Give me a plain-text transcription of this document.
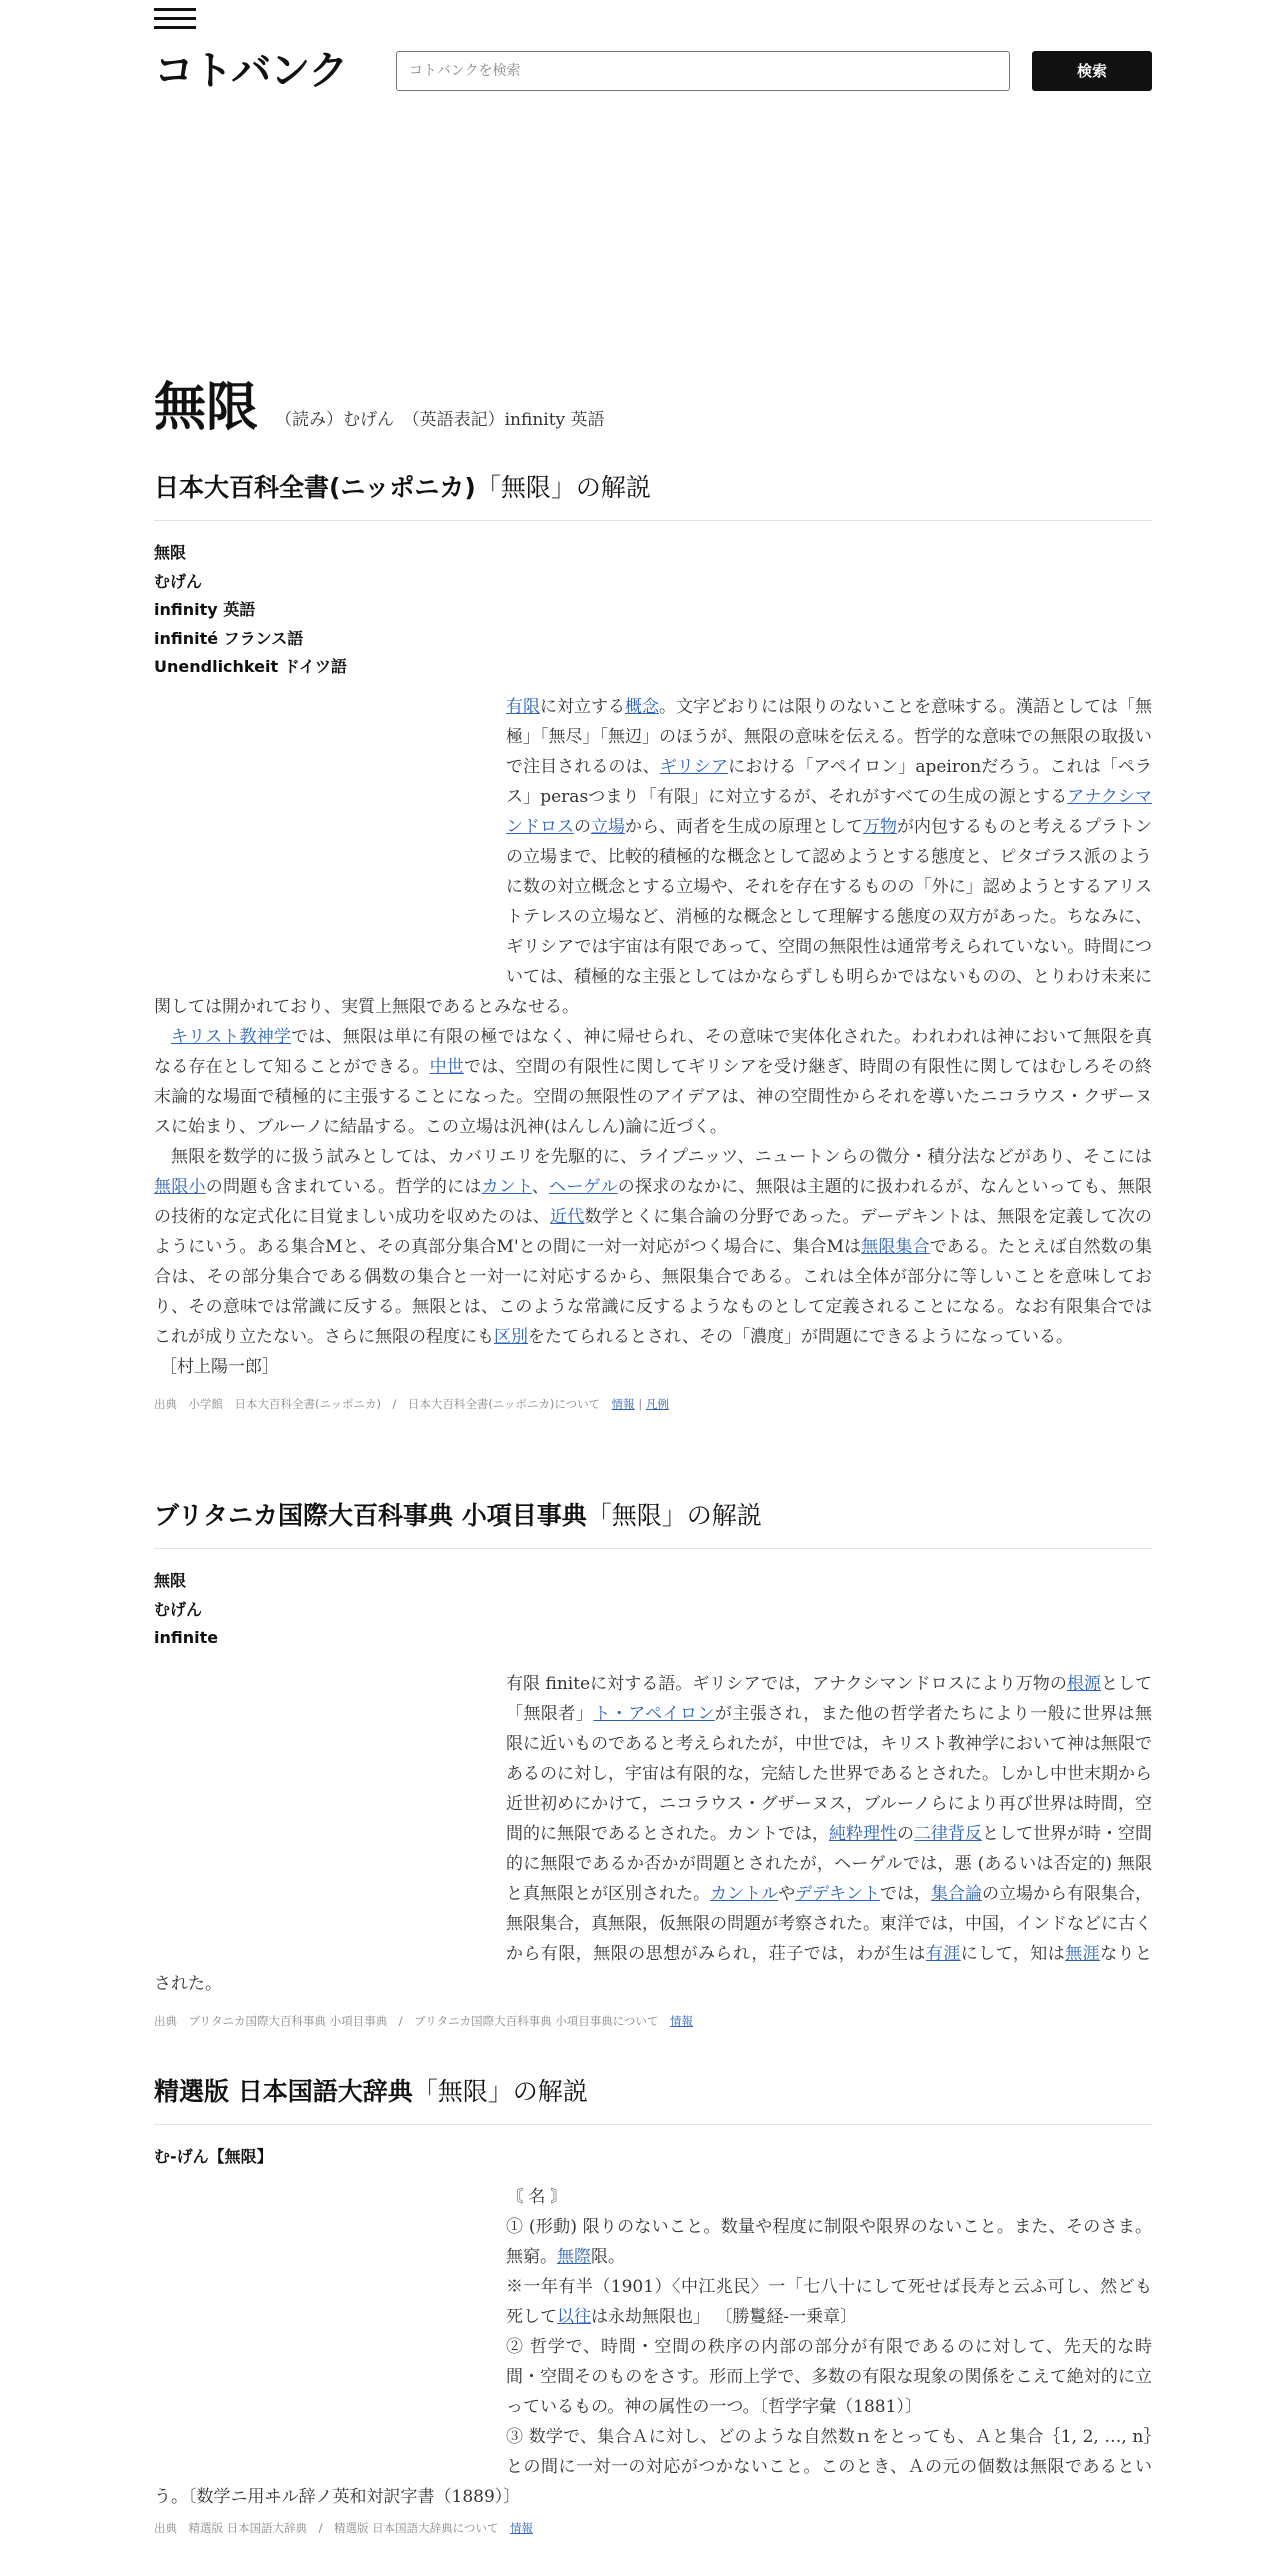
コトバンク	コトバンクを検索	検索
無限 （読み）むげん　（英語表記）infinity 英語
日本大百科全書(ニッポニカ)「無限」の解説
無限
むげん
infinity 英語
infinité フランス語
Unendlichkeit ドイツ語

有限に対立する概念。文字どおりには限りのないことを意味する。漢語としては「無極」「無尽」「無辺」のほうが、無限の意味を伝える。哲学的な意味での無限の取扱いで注目されるのは、ギリシアにおける「アペイロン」apeironだろう。これは「ペラス」perasつまり「有限」に対立するが、それがすべての生成の源とするアナクシマンドロスの立場から、両者を生成の原理として万物が内包するものと考えるプラトンの立場まで、比較的積極的な概念として認めようとする態度と、ピタゴラス派のように数の対立概念とする立場や、それを存在するものの「外に」認めようとするアリストテレスの立場など、消極的な概念として理解する態度の双方があった。ちなみに、ギリシアでは宇宙は有限であって、空間の無限性は通常考えられていない。時間については、積極的な主張としてはかならずしも明らかではないものの、とりわけ未来に関しては開かれており、実質上無限であるとみなせる。

キリスト教神学では、無限は単に有限の極ではなく、神に帰せられ、その意味で実体化された。われわれは神において無限を真なる存在として知ることができる。中世では、空間の有限性に関してギリシアを受け継ぎ、時間の有限性に関してはむしろその終末論的な場面で積極的に主張することになった。空間の無限性のアイデアは、神の空間性からそれを導いたニコラウス・クザーヌスに始まり、ブルーノに結晶する。この立場は汎神(はんしん)論に近づく。

無限を数学的に扱う試みとしては、カバリエリを先駆的に、ライプニッツ、ニュートンらの微分・積分法などがあり、そこには無限小の問題も含まれている。哲学的にはカント、ヘーゲルの探求のなかに、無限は主題的に扱われるが、なんといっても、無限の技術的な定式化に目覚ましい成功を収めたのは、近代数学とくに集合論の分野であった。デーデキントは、無限を定義して次のようにいう。ある集合Mと、その真部分集合M'との間に一対一対応がつく場合に、集合Mは無限集合である。たとえば自然数の集合は、その部分集合である偶数の集合と一対一に対応するから、無限集合である。これは全体が部分に等しいことを意味しており、その意味では常識に反する。無限とは、このような常識に反するようなものとして定義されることになる。なお有限集合ではこれが成り立たない。さらに無限の程度にも区別をたてられるとされ、その「濃度」が問題にできるようになっている。

［村上陽一郎］

出典　 小学館　 日本大百科全書(ニッポニカ)　/　日本大百科全書(ニッポニカ)について　 情報 | 凡例
ブリタニカ国際大百科事典 小項目事典「無限」の解説
無限
むげん
infinite

有限 finiteに対する語。ギリシアでは，アナクシマンドロスにより万物の根源として「無限者」ト・アペイロンが主張され，また他の哲学者たちにより一般に世界は無限に近いものであると考えられたが，中世では，キリスト教神学において神は無限であるのに対し，宇宙は有限的な，完結した世界であるとされた。しかし中世末期から近世初めにかけて，ニコラウス・グザーヌス，ブルーノらにより再び世界は時間，空間的に無限であるとされた。カントでは，純粋理性の二律背反として世界が時・空間的に無限であるか否かが問題とされたが，ヘーゲルでは，悪 (あるいは否定的) 無限と真無限とが区別された。カントルやデデキントでは，集合論の立場から有限集合，無限集合，真無限，仮無限の問題が考察された。東洋では，中国，インドなどに古くから有限，無限の思想がみられ，荘子では，わが生は有涯にして，知は無涯なりとされた。

出典　 ブリタニカ国際大百科事典 小項目事典　/　ブリタニカ国際大百科事典 小項目事典について　 情報
精選版 日本国語大辞典「無限」の解説
む‐げん【無限】

〘 名 〙

① (形動) 限りのないこと。数量や程度に制限や限界のないこと。また、そのさま。無窮。無際限。

※一年有半（1901）〈中江兆民〉一「七八十にして死せば長寿と云ふ可し、然ども死して以往は永劫無限也」 〔勝鬘経‐一乗章〕

② 哲学で、時間・空間の秩序の内部の部分が有限であるのに対して、先天的な時間・空間そのものをさす。形而上学で、多数の有限な現象の関係をこえて絶対的に立っているもの。神の属性の一つ。〔哲学字彙（1881）〕

③ 数学で、集合Ａに対し、どのような自然数ｎをとっても、Ａと集合｛1, 2, …, n｝との間に一対一の対応がつかないこと。このとき、Ａの元の個数は無限であるという。〔数学ニ用ヰル辞ノ英和対訳字書（1889）〕

出典　 精選版 日本国語大辞典　/　精選版 日本国語大辞典について　 情報
